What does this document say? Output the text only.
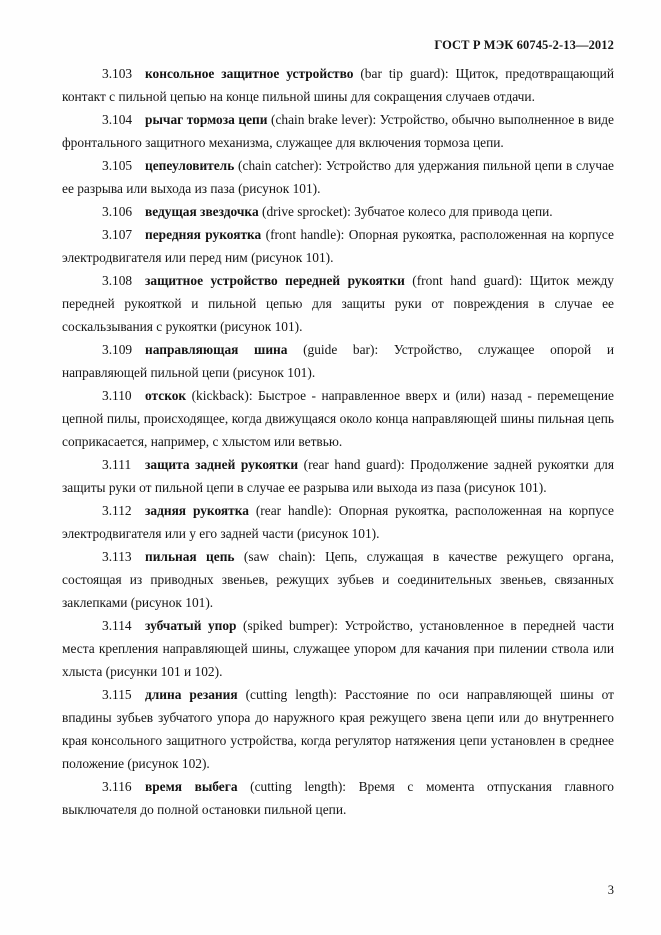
ГОСТ Р МЭК 60745-2-13—2012

3.103 консольное защитное устройство (bar tip guard): Щиток, предотвращающий контакт с пильной цепью на конце пильной шины для сокращения случаев отдачи.

3.104 рычаг тормоза цепи (chain brake lever): Устройство, обычно выполненное в виде фронтального защитного механизма, служащее для включения тормоза цепи.

3.105 цепеуловитель (chain catcher): Устройство для удержания пильной цепи в случае ее разрыва или выхода из паза (рисунок 101).

3.106 ведущая звездочка (drive sprocket): Зубчатое колесо для привода цепи.

3.107 передняя рукоятка (front handle): Опорная рукоятка, расположенная на корпусе электродвигателя или перед ним (рисунок 101).

3.108 защитное устройство передней рукоятки (front hand guard): Щиток между передней рукояткой и пильной цепью для защиты руки от повреждения в случае ее соскальзывания с рукоятки (рисунок 101).

3.109 направляющая шина (guide bar): Устройство, служащее опорой и направляющей пильной цепи (рисунок 101).

3.110 отскок (kickback): Быстрое - направленное вверх и (или) назад - перемещение цепной пилы, происходящее, когда движущаяся около конца направляющей шины пильная цепь соприкасается, например, с хлыстом или ветвью.

3.111 защита задней рукоятки (rear hand guard): Продолжение задней рукоятки для защиты руки от пильной цепи в случае ее разрыва или выхода из паза (рисунок 101).

3.112 задняя рукоятка (rear handle): Опорная рукоятка, расположенная на корпусе электродвигателя или у его задней части (рисунок 101).

3.113 пильная цепь (saw chain): Цепь, служащая в качестве режущего органа, состоящая из приводных звеньев, режущих зубьев и соединительных звеньев, связанных заклепками (рисунок 101).

3.114 зубчатый упор (spiked bumper): Устройство, установленное в передней части места крепления направляющей шины, служащее упором для качания при пилении ствола или хлыста (рисунки 101 и 102).

3.115 длина резания (cutting length): Расстояние по оси направляющей шины от впадины зубьев зубчатого упора до наружного края режущего звена цепи или до внутреннего края консольного защитного устройства, когда регулятор натяжения цепи установлен в среднее положение (рисунок 102).

3.116 время выбега (cutting length): Время с момента отпускания главного выключателя до полной остановки пильной цепи.

3
